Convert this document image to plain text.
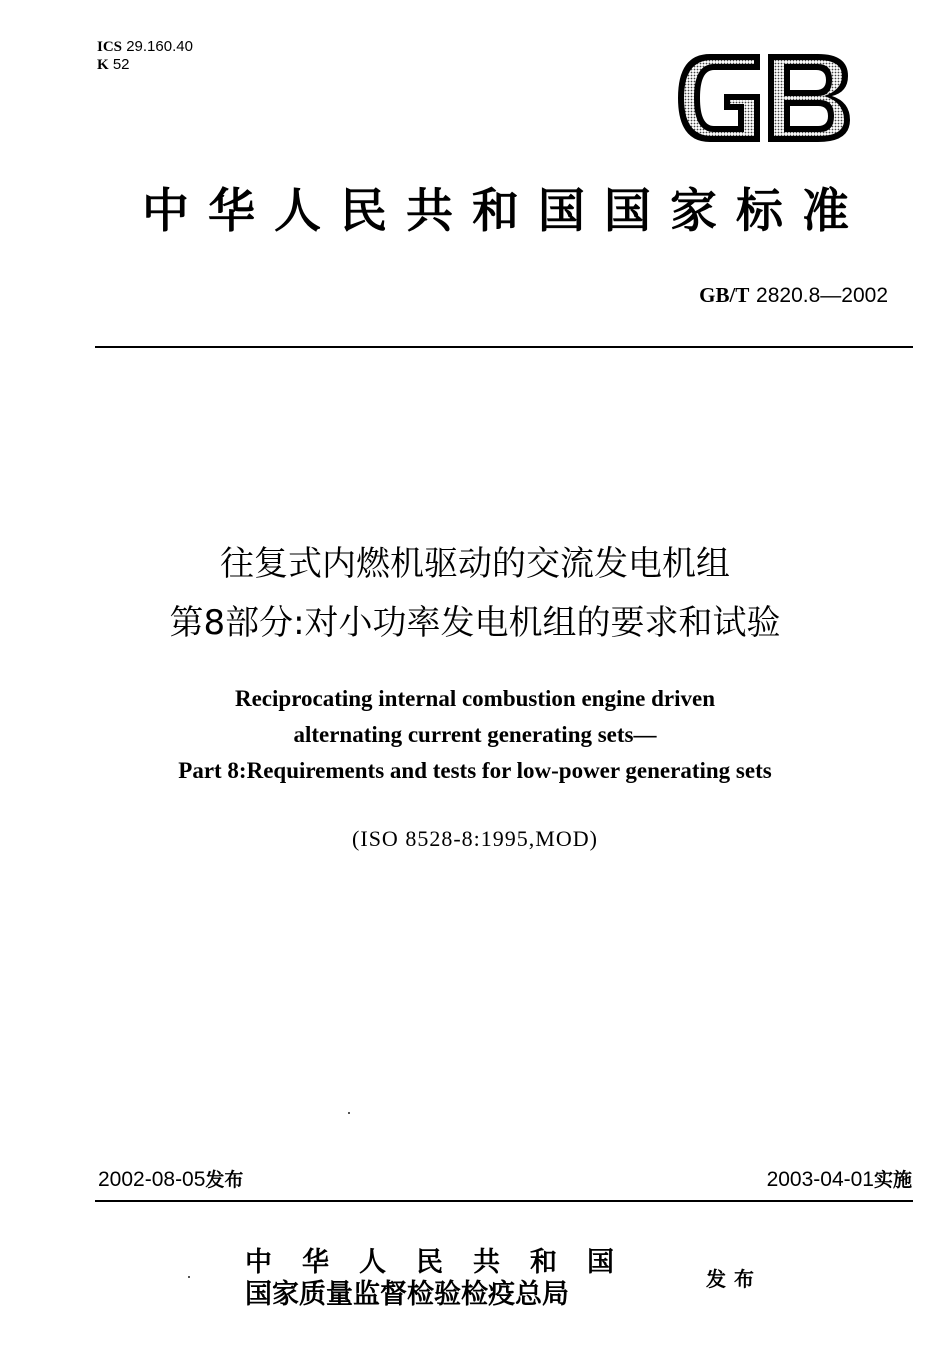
ICS 29.160.40
K 52
中华人民共和国国家标准
GB/T 2820.8—2002
往复式内燃机驱动的交流发电机组
第8部分:对小功率发电机组的要求和试验
Reciprocating internal combustion engine driven
alternating current generating sets—
Part 8:Requirements and tests for low-power generating sets
(ISO 8528-8:1995,MOD)
2002-08-05发布	2003-04-01实施
中华人民共和国
国家质量监督检验检疫总局	发布
